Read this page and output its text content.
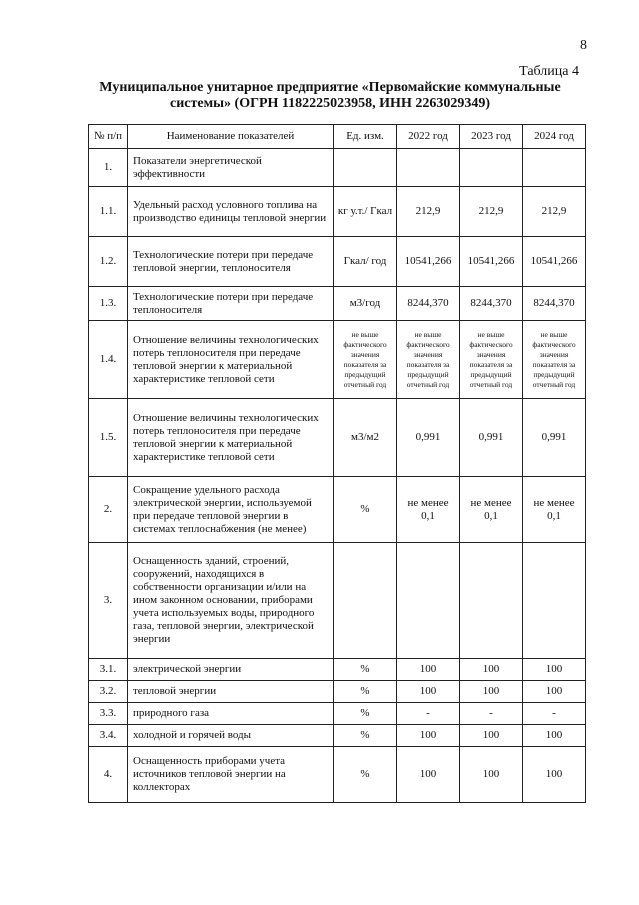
8
Таблица 4
Муниципальное унитарное предприятие «Первомайские коммунальные
системы» (ОГРН 1182225023958, ИНН 2263029349)
№ п/п	Наименование показателей	Ед. изм.	2022 год	2023 год	2024 год
1.	Показатели энергетической эффективности				
1.1.	Удельный расход условного топлива на производство единицы тепловой энергии	кг у.т./ Гкал	212,9	212,9	212,9
1.2.	Технологические потери при передаче тепловой энергии, теплоносителя	Гкал/ год	10541,266	10541,266	10541,266
1.3.	Технологические потери при передаче теплоносителя	м3/год	8244,370	8244,370	8244,370
1.4.	Отношение величины технологических потерь теплоносителя при передаче тепловой энергии к материальной характеристике тепловой сети	не выше фактического значения показателя за предыдущий отчетный год	не выше фактического значения показателя за предыдущий отчетный год	не выше фактического значения показателя за предыдущий отчетный год	не выше фактического значения показателя за предыдущий отчетный год
1.5.	Отношение величины технологических потерь теплоносителя при передаче тепловой энергии к материальной характеристике тепловой сети	м3/м2	0,991	0,991	0,991
2.	Сокращение удельного расхода электрической энергии, используемой при передаче тепловой энергии в системах теплоснабжения (не менее)	%	не менее 0,1	не менее 0,1	не менее 0,1
3.	Оснащенность зданий, строений, сооружений, находящихся в собственности организации и/или на ином законном основании, приборами учета используемых воды, природного газа, тепловой энергии, электрической энергии				
3.1.	электрической энергии	%	100	100	100
3.2.	тепловой энергии	%	100	100	100
3.3.	природного газа	%	-	-	-
3.4.	холодной и горячей воды	%	100	100	100
4.	Оснащенность приборами учета источников тепловой энергии на коллекторах	%	100	100	100
